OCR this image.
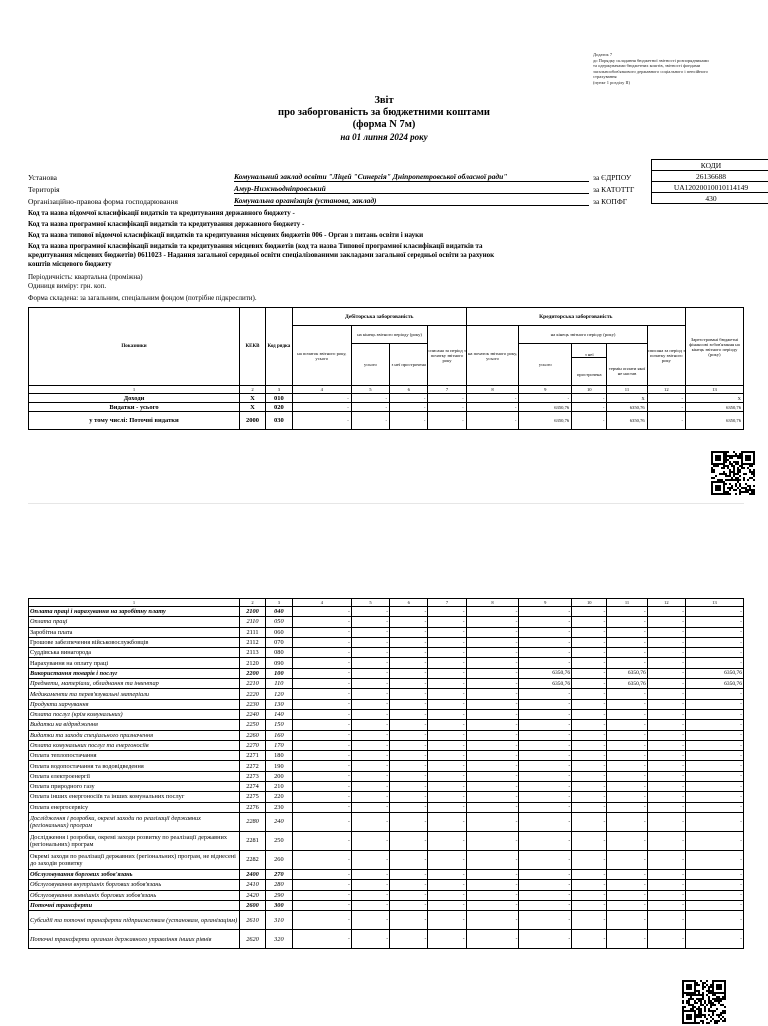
Додаток 7
до Порядку складання бюджетної звітності розпорядниками
та одержувачами бюджетних коштів, звітності фондами
загальнообов'язкового державного соціального і пенсійного
страхування
(пункт 1 розділу II)
Звіт
про заборгованість за бюджетними коштами
(форма N 7м)
на 01 липня 2024 року
КОДИ
26136688
UA12020010010114149
430
Установа	Комунальний заклад освіти "Ліцей "Синергія" Дніпропетровської обласної ради"	за ЄДРПОУ
Територія	Амур-Нижньодніпровський	за КАТОТТГ
Організаційно-правова форма господарювання	Комунальна організація (установа, заклад)	за КОПФГ
Код та назва відомчої класифікації видатків та кредитування державного бюджету -
Код та назва програмної класифікації видатків та кредитування державного бюджету -
Код та назва типової відомчої класифікації видатків та кредитування місцевих бюджетів 006 - Орган з питань освіти і науки
Код та назва програмної класифікації видатків та кредитування місцевих бюджетів (код та назва Типової програмної класифікації видатків та
кредитування місцевих бюджетів) 0611023 - Надання загальної середньої освіти спеціалізованими закладами загальної середньої освіти за рахунок
коштів місцевого бюджету
Періодичність: квартальна (проміжна)
Одиниця виміру: грн. коп.
Форма складена: за загальним, спеціальним фондом (потрібне підкреслити).
Показники	КЕКВ	Код рядка	Дебіторська заборгованість				Кредиторська заборгованість					Зареєстровані бюджетні фінансові зобов'язання на кінець звітного періоду (року)
			на початок звітного року, усього	на кінець звітного періоду (року)		списана за період з початку звітного року	на початок звітного року, усього	на кінець звітного періоду (року)			списана за період з початку звітного року	
				усього	з неї прострочена			усього	з неї
прострочена	термін оплати якої не настав		

1	2	3	4	5	6	7	8	9	10	11	12	13
Доходи	X	010	-	-	-	-	-	-	-	X	-	X
Видатки - усього	X	020	-	-	-	-	-	6350,76	-	6350,76	-	6350,76
у тому числі: Поточні видатки	2000	030	-	-	-	-	-	6350,76	-	6350,76	-	6350,76
1	2	3	4	5	6	7	8	9	10	11	12	13
Оплата праці і нарахування на заробітну плату	2100	040	-	-	-	-	-	-	-	-	-	-
Оплата праці	2110	050	-	-	-	-	-	-	-	-	-	-
Заробітна плата	2111	060	-	-	-	-	-	-	-	-	-	-
Грошове забезпечення військовослужбовців	2112	070	-	-	-	-	-	-	-	-	-	-
Суддівська винагорода	2113	080	-	-	-	-	-	-	-	-	-	-
Нарахування на оплату праці	2120	090	-	-	-	-	-	-	-	-	-	-
Використання товарів і послуг	2200	100	-	-	-	-	-	6350,76	-	6350,76	-	6350,76
Предмети, матеріали, обладнання та інвентар	2210	110	-	-	-	-	-	6350,76	-	6350,76	-	6350,76
Медикаменти та перев'язувальні матеріали	2220	120	-	-	-	-	-	-	-	-	-	-
Продукти харчування	2230	130	-	-	-	-	-	-	-	-	-	-
Оплата послуг (крім комунальних)	2240	140	-	-	-	-	-	-	-	-	-	-
Видатки на відрядження	2250	150	-	-	-	-	-	-	-	-	-	-
Видатки та заходи спеціального призначення	2260	160	-	-	-	-	-	-	-	-	-	-
Оплата комунальних послуг та енергоносіїв	2270	170	-	-	-	-	-	-	-	-	-	-
Оплата теплопостачання	2271	180	-	-	-	-	-	-	-	-	-	-
Оплата водопостачання та водовідведення	2272	190	-	-	-	-	-	-	-	-	-	-
Оплата електроенергії	2273	200	-	-	-	-	-	-	-	-	-	-
Оплата природного газу	2274	210	-	-	-	-	-	-	-	-	-	-
Оплата інших енергоносіїв та інших комунальних послуг	2275	220	-	-	-	-	-	-	-	-	-	-
Оплата енергосервісу	2276	230	-	-	-	-	-	-	-	-	-	-
Дослідження і розробки, окремі заходи по реалізації державних (регіональних) програм	2280	240	-	-	-	-	-	-	-	-	-	-
Дослідження і розробки, окремі заходи розвитку по реалізації державних (регіональних) програм	2281	250	-	-	-	-	-	-	-	-	-	-
Окремі заходи по реалізації державних (регіональних) програм, не віднесені до заходів розвитку	2282	260	-	-	-	-	-	-	-	-	-	-
Обслуговування боргових зобов'язань	2400	270	-	-	-	-	-	-	-	-	-	-
Обслуговування внутрішніх боргових зобов'язань	2410	280	-	-	-	-	-	-	-	-	-	-
Обслуговування зовнішніх боргових зобов'язань	2420	290	-	-	-	-	-	-	-	-	-	-
Поточні трансферти	2600	300	-	-	-	-	-	-	-	-	-	-
Субсидії та поточні трансферти підприємствам (установам, організаціям)	2610	310	-	-	-	-	-	-	-	-	-	-
Поточні трансферти органам державного управління інших рівнів	2620	320	-	-	-	-	-	-	-	-	-	-
